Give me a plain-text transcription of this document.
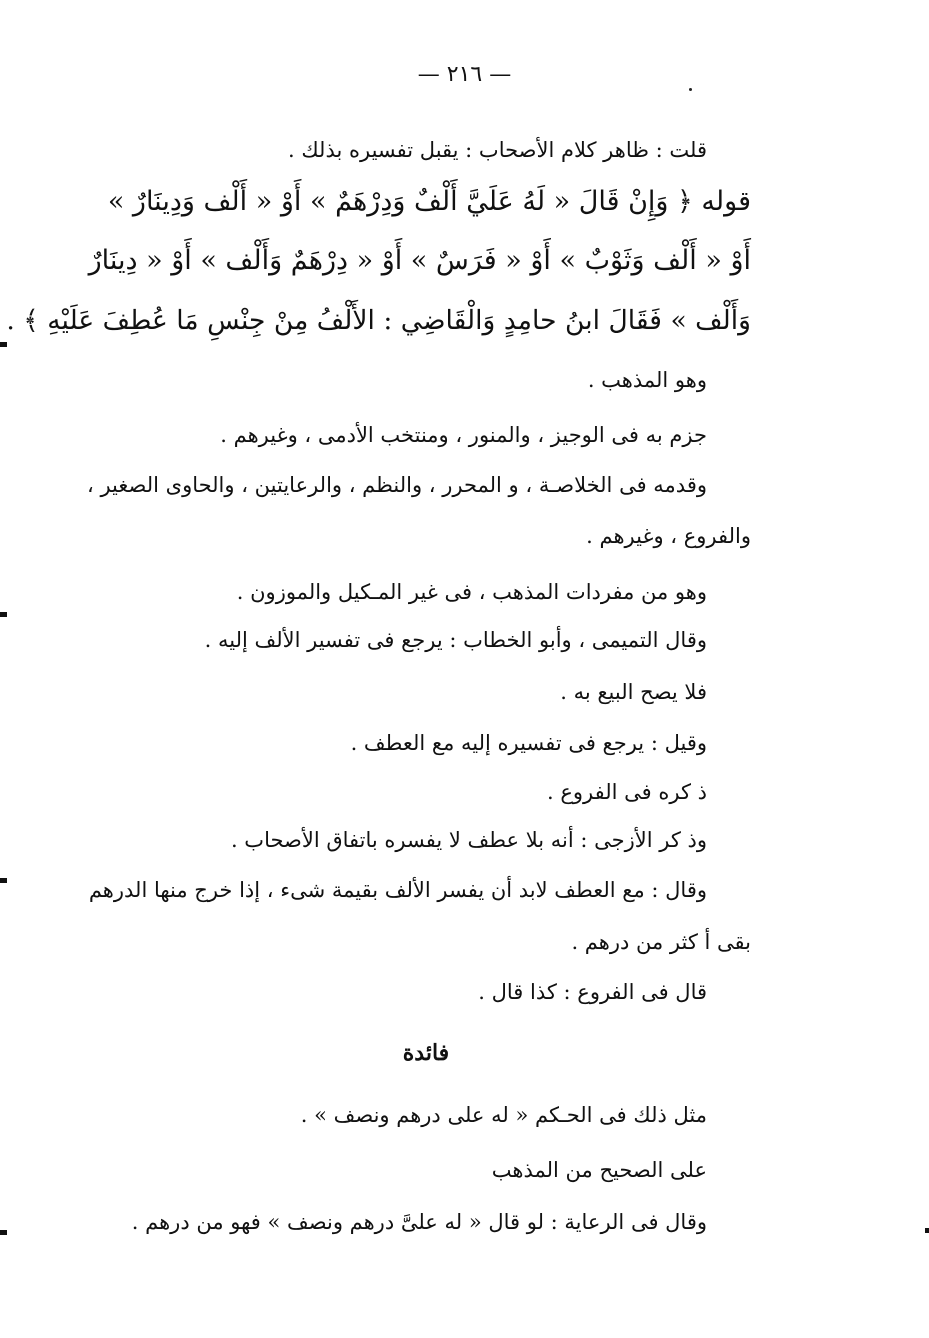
— ٢١٦ —
قلت : ظاهر كلام الأصحاب : يقبل تفسيره بذلك .
قوله ﴿ وَإِنْ قَالَ « لَهُ عَلَيَّ أَلْفٌ وَدِرْهَمٌ » أَوْ « أَلْف وَدِينَارٌ »
أَوْ « أَلْف وَثَوْبٌ » أَوْ « فَرَسٌ » أَوْ « دِرْهَمٌ وَأَلْف » أَوْ « دِينَارٌ
وَأَلْف » فَقَالَ ابنُ حامِدٍ وَالْقَاضِي : الأَلْفُ مِنْ جِنْسِ مَا عُطِفَ عَلَيْهِ ﴾ .
وهو المذهب .
جزم به فى الوجيز ، والمنور ، ومنتخب الأدمى ، وغيرهم .
وقدمه فى الخلاصـة ، و المحرر ، والنظم ، والرعايتين ، والحاوى الصغير ،
والفروع ، وغيرهم .
وهو من مفردات المذهب ، فى غير المـكيل والموزون .
وقال التميمى ، وأبو الخطاب : يرجع فى تفسير الألف إليه .
فلا يصح البيع به .
وقيل : يرجع فى تفسيره إليه مع العطف .
ذ كره فى الفروع .
وذ كر الأزجى : أنه بلا عطف لا يفسره باتفاق الأصحاب .
وقال : مع العطف لابد أن يفسر الألف بقيمة شىء ، إذا خرج منها الدرهم
بقى أ كثر من درهم .
قال فى الفروع : كذا قال .
فائدة
مثل ذلك فى الحـكم « له على درهم ونصف » .
على الصحيح من المذهب
وقال فى الرعاية : لو قال « له علىَّ درهم ونصف » فهو من درهم .
